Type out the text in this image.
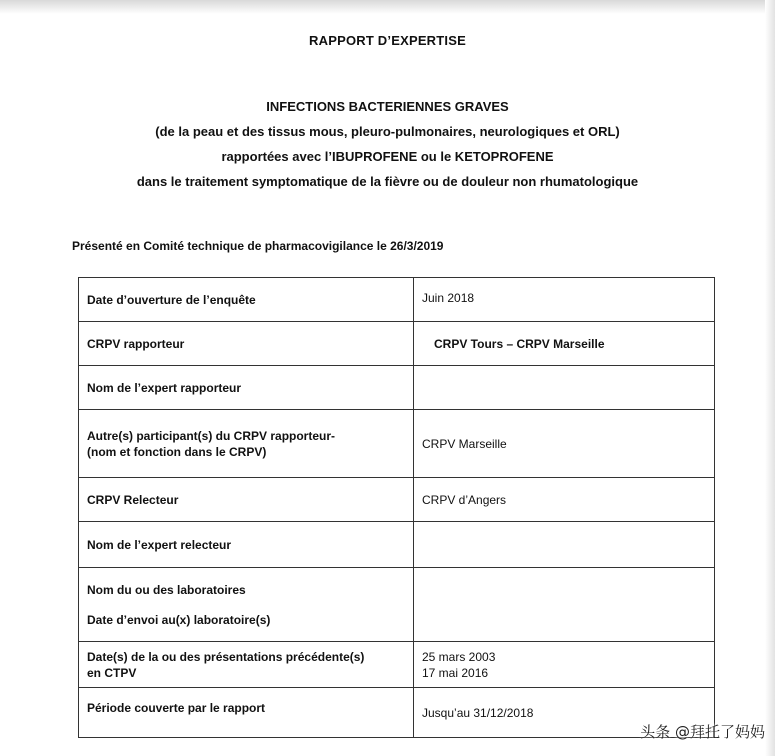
RAPPORT D’EXPERTISE
INFECTIONS BACTERIENNES GRAVES
(de la peau et des tissus mous, pleuro-pulmonaires, neurologiques et ORL)
rapportées avec l’IBUPROFENE ou le KETOPROFENE
dans le traitement symptomatique de la fièvre ou de douleur non rhumatologique
Présenté en Comité technique de pharmacovigilance le 26/3/2019
Date d’ouverture de l’enquête	Juin 2018
CRPV rapporteur	CRPV Tours – CRPV Marseille
Nom de l’expert rapporteur	

Autre(s) participant(s) du CRPV rapporteur-
(nom et fonction dans le CRPV)	CRPV Marseille
CRPV Relecteur	CRPV d’Angers
Nom de l’expert relecteur	

Nom du ou des laboratoires
Date d’envoi au(x) laboratoire(s)	

Date(s) de la ou des présentations précédente(s)
en CTPV	25 mars 2003
17 mai 2016

Période couverte par le rapport	Jusqu’au 31/12/2018
头条 @拜托了妈妈
